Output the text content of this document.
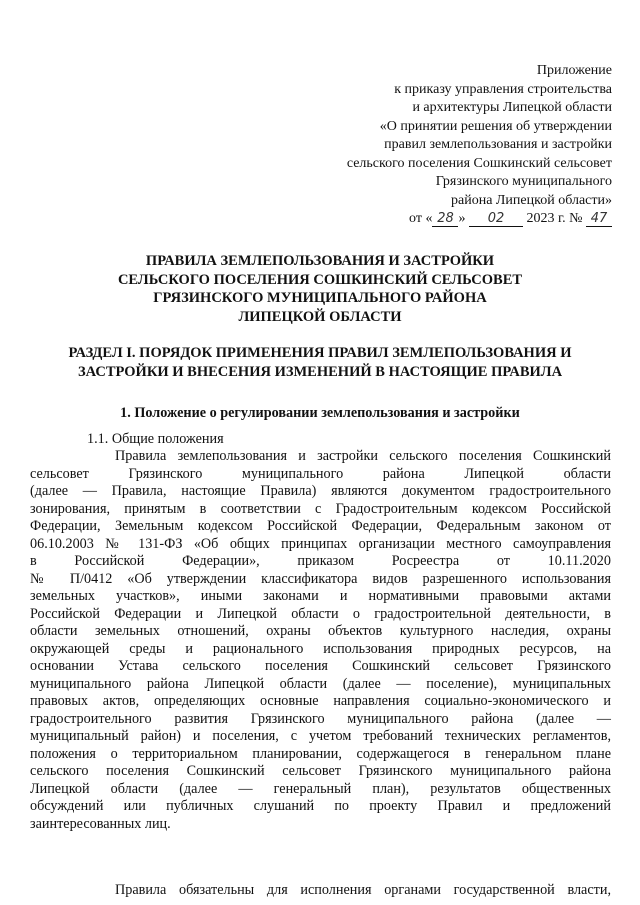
Приложение
к приказу управления строительства
и архитектуры Липецкой области
«О принятии решения об утверждении
правил землепользования и застройки
сельского поселения Сошкинский сельсовет
Грязинского муниципального
района Липецкой области»
от « 28 » 02 2023 г. № 47
ПРАВИЛА ЗЕМЛЕПОЛЬЗОВАНИЯ И ЗАСТРОЙКИ
СЕЛЬСКОГО ПОСЕЛЕНИЯ СОШКИНСКИЙ СЕЛЬСОВЕТ
ГРЯЗИНСКОГО МУНИЦИПАЛЬНОГО РАЙОНА
ЛИПЕЦКОЙ ОБЛАСТИ
РАЗДЕЛ I. ПОРЯДОК ПРИМЕНЕНИЯ ПРАВИЛ ЗЕМЛЕПОЛЬЗОВАНИЯ И
ЗАСТРОЙКИ И ВНЕСЕНИЯ ИЗМЕНЕНИЙ В НАСТОЯЩИЕ ПРАВИЛА
1. Положение о регулировании землепользования и застройки
1.1. Общие положения
Правила землепользования и застройки сельского поселения Сошкинский
сельсовет Грязинского муниципального района Липецкой области
(далее — Правила, настоящие Правила) являются документом градостроительного
зонирования, принятым в соответствии с Градостроительным кодексом Российской
Федерации, Земельным кодексом Российской Федерации, Федеральным законом от
06.10.2003 № 131-ФЗ «Об общих принципах организации местного самоуправления
в Российской Федерации», приказом Росреестра от 10.11.2020
№ П/0412 «Об утверждении классификатора видов разрешенного использования
земельных участков», иными законами и нормативными правовыми актами
Российской Федерации и Липецкой области о градостроительной деятельности, в
области земельных отношений, охраны объектов культурного наследия, охраны
окружающей среды и рационального использования природных ресурсов, на
основании Устава сельского поселения Сошкинский сельсовет Грязинского
муниципального района Липецкой области (далее — поселение), муниципальных
правовых актов, определяющих основные направления социально-экономического и
градостроительного развития Грязинского муниципального района (далее —
муниципальный район) и поселения, с учетом требований технических регламентов,
положения о территориальном планировании, содержащегося в генеральном плане
сельского поселения Сошкинский сельсовет Грязинского муниципального района
Липецкой области (далее — генеральный план), результатов общественных
обсуждений или публичных слушаний по проекту Правил и предложений
заинтересованных лиц.
Правила обязательны для исполнения органами государственной власти,
